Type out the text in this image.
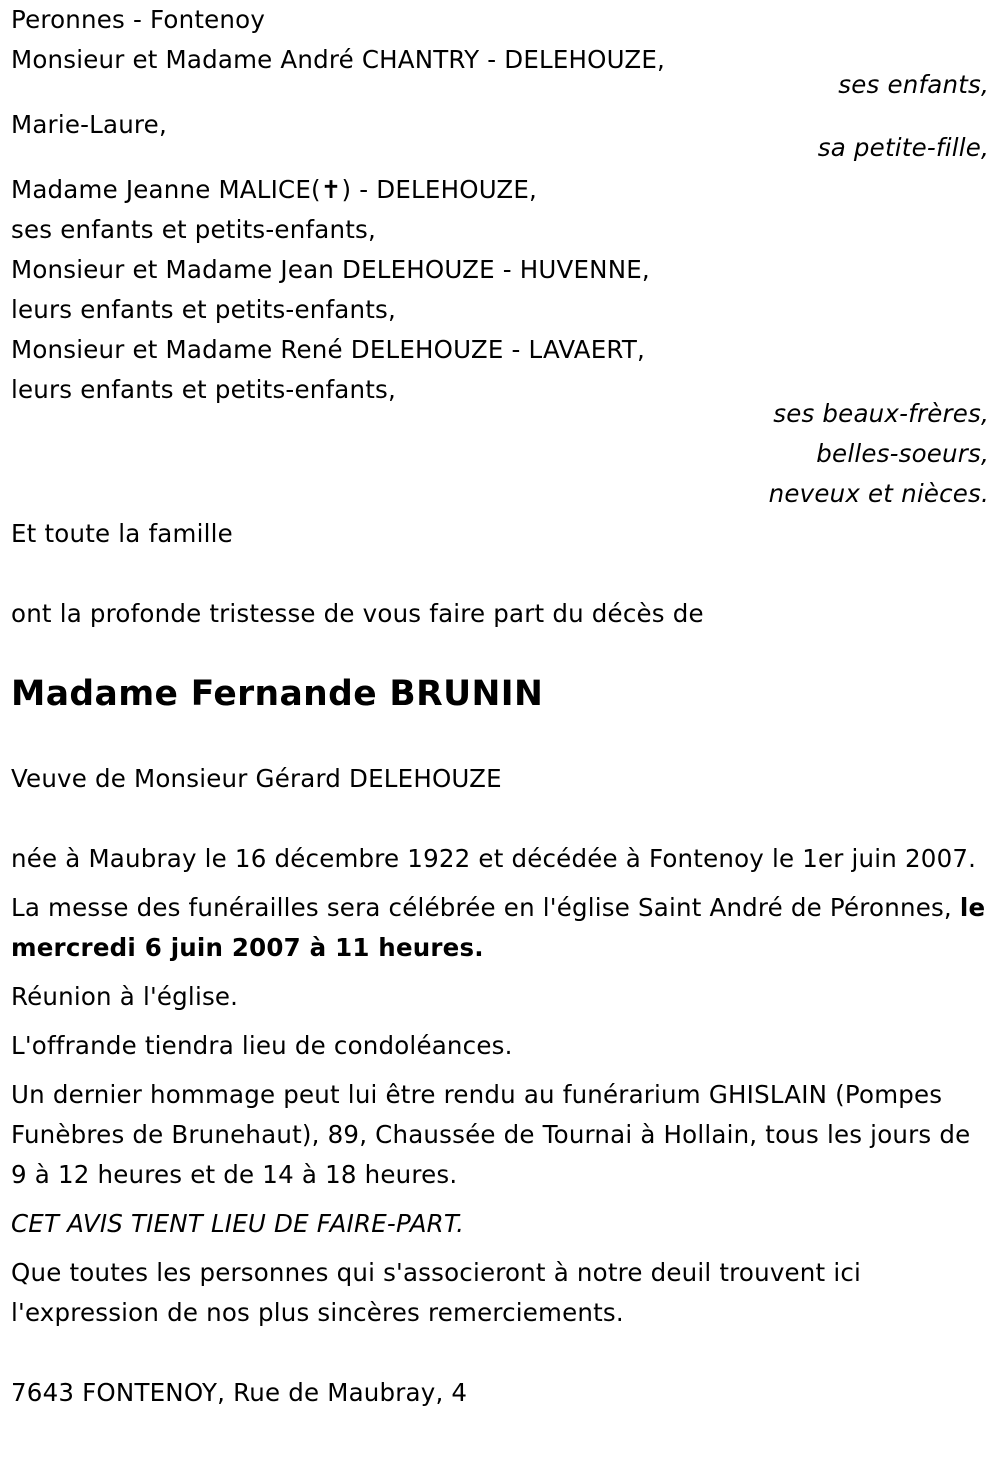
Peronnes - Fontenoy
Monsieur et Madame André CHANTRY - DELEHOUZE,
ses enfants,
Marie-Laure,
sa petite-fille,
Madame Jeanne MALICE(✝) - DELEHOUZE,
ses enfants et petits-enfants,
Monsieur et Madame Jean DELEHOUZE - HUVENNE,
leurs enfants et petits-enfants,
Monsieur et Madame René DELEHOUZE - LAVAERT,
leurs enfants et petits-enfants,
ses beaux-frères,
belles-soeurs,
neveux et nièces.
Et toute la famille
ont la profonde tristesse de vous faire part du décès de
Madame Fernande BRUNIN
Veuve de Monsieur Gérard DELEHOUZE

née à Maubray le 16 décembre 1922 et décédée à Fontenoy le 1er juin 2007.

La messe des funérailles sera célébrée en l'église Saint André de Péronnes, le mercredi 6 juin 2007 à 11 heures.

Réunion à l'église.

L'offrande tiendra lieu de condoléances.

Un dernier hommage peut lui être rendu au funérarium GHISLAIN (Pompes Funèbres de Brunehaut), 89, Chaussée de Tournai à Hollain, tous les jours de 9 à 12 heures et de 14 à 18 heures.

CET AVIS TIENT LIEU DE FAIRE-PART.

Que toutes les personnes qui s'associeront à notre deuil trouvent ici l'expression de nos plus sincères remerciements.

7643 FONTENOY, Rue de Maubray, 4
